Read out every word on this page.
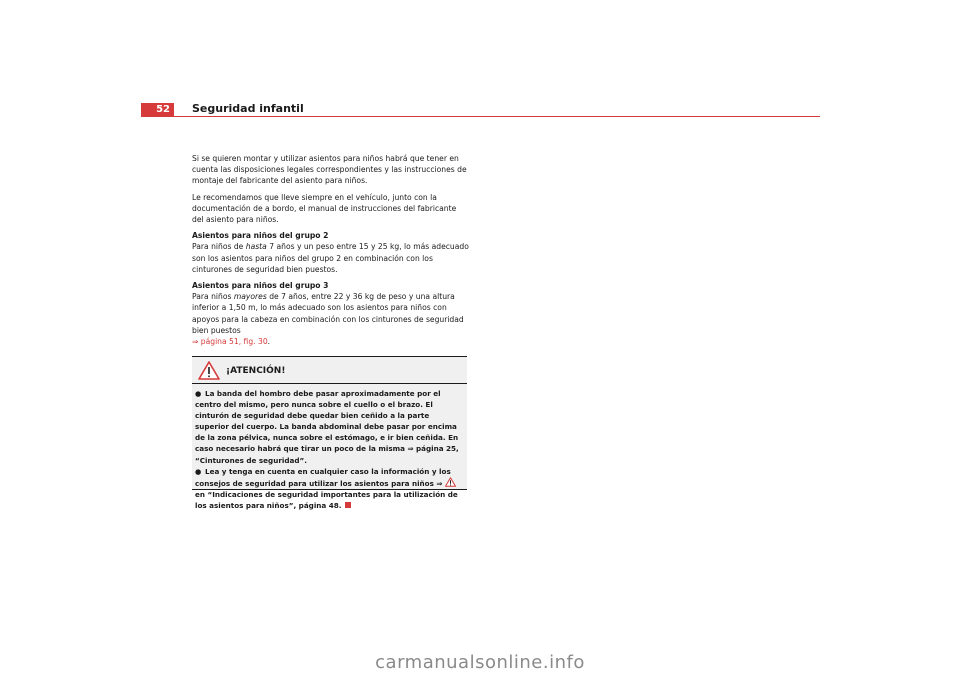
52	Seguridad infantil

Si se quieren montar y utilizar asientos para niños habrá que tener en cuenta las disposiciones legales correspondientes y las instrucciones de montaje del fabricante del asiento para niños.

Le recomendamos que lleve siempre en el vehículo, junto con la documentación de a bordo, el manual de instrucciones del fabricante del asiento para niños.

Asientos para niños del grupo 2

Para niños de hasta 7 años y un peso entre 15 y 25 kg, lo más adecuado son los asientos para niños del grupo 2 en combinación con los cinturones de seguridad bien puestos.

Asientos para niños del grupo 3

Para niños mayores de 7 años, entre 22 y 36 kg de peso y una altura inferior a 1,50 m, lo más adecuado son los asientos para niños con apoyos para la cabeza en combinación con los cinturones de seguridad bien puestos
⇒ página 51, fig. 30.

¡ATENCIÓN!

● La banda del hombro debe pasar aproximadamente por el centro del mismo, pero nunca sobre el cuello o el brazo. El cinturón de seguridad debe quedar bien ceñido a la parte superior del cuerpo. La banda abdominal debe pasar por encima de la zona pélvica, nunca sobre el estómago, e ir bien ceñida. En caso necesario habrá que tirar un poco de la misma ⇒ página 25, “Cinturones de seguridad”.

● Lea y tenga en cuenta en cualquier caso la información y los consejos de seguridad para utilizar los asientos para niños ⇒  en “Indicaciones de seguridad importantes para la utilización de los asientos para niños”, página 48.

carmanualsonline.info
